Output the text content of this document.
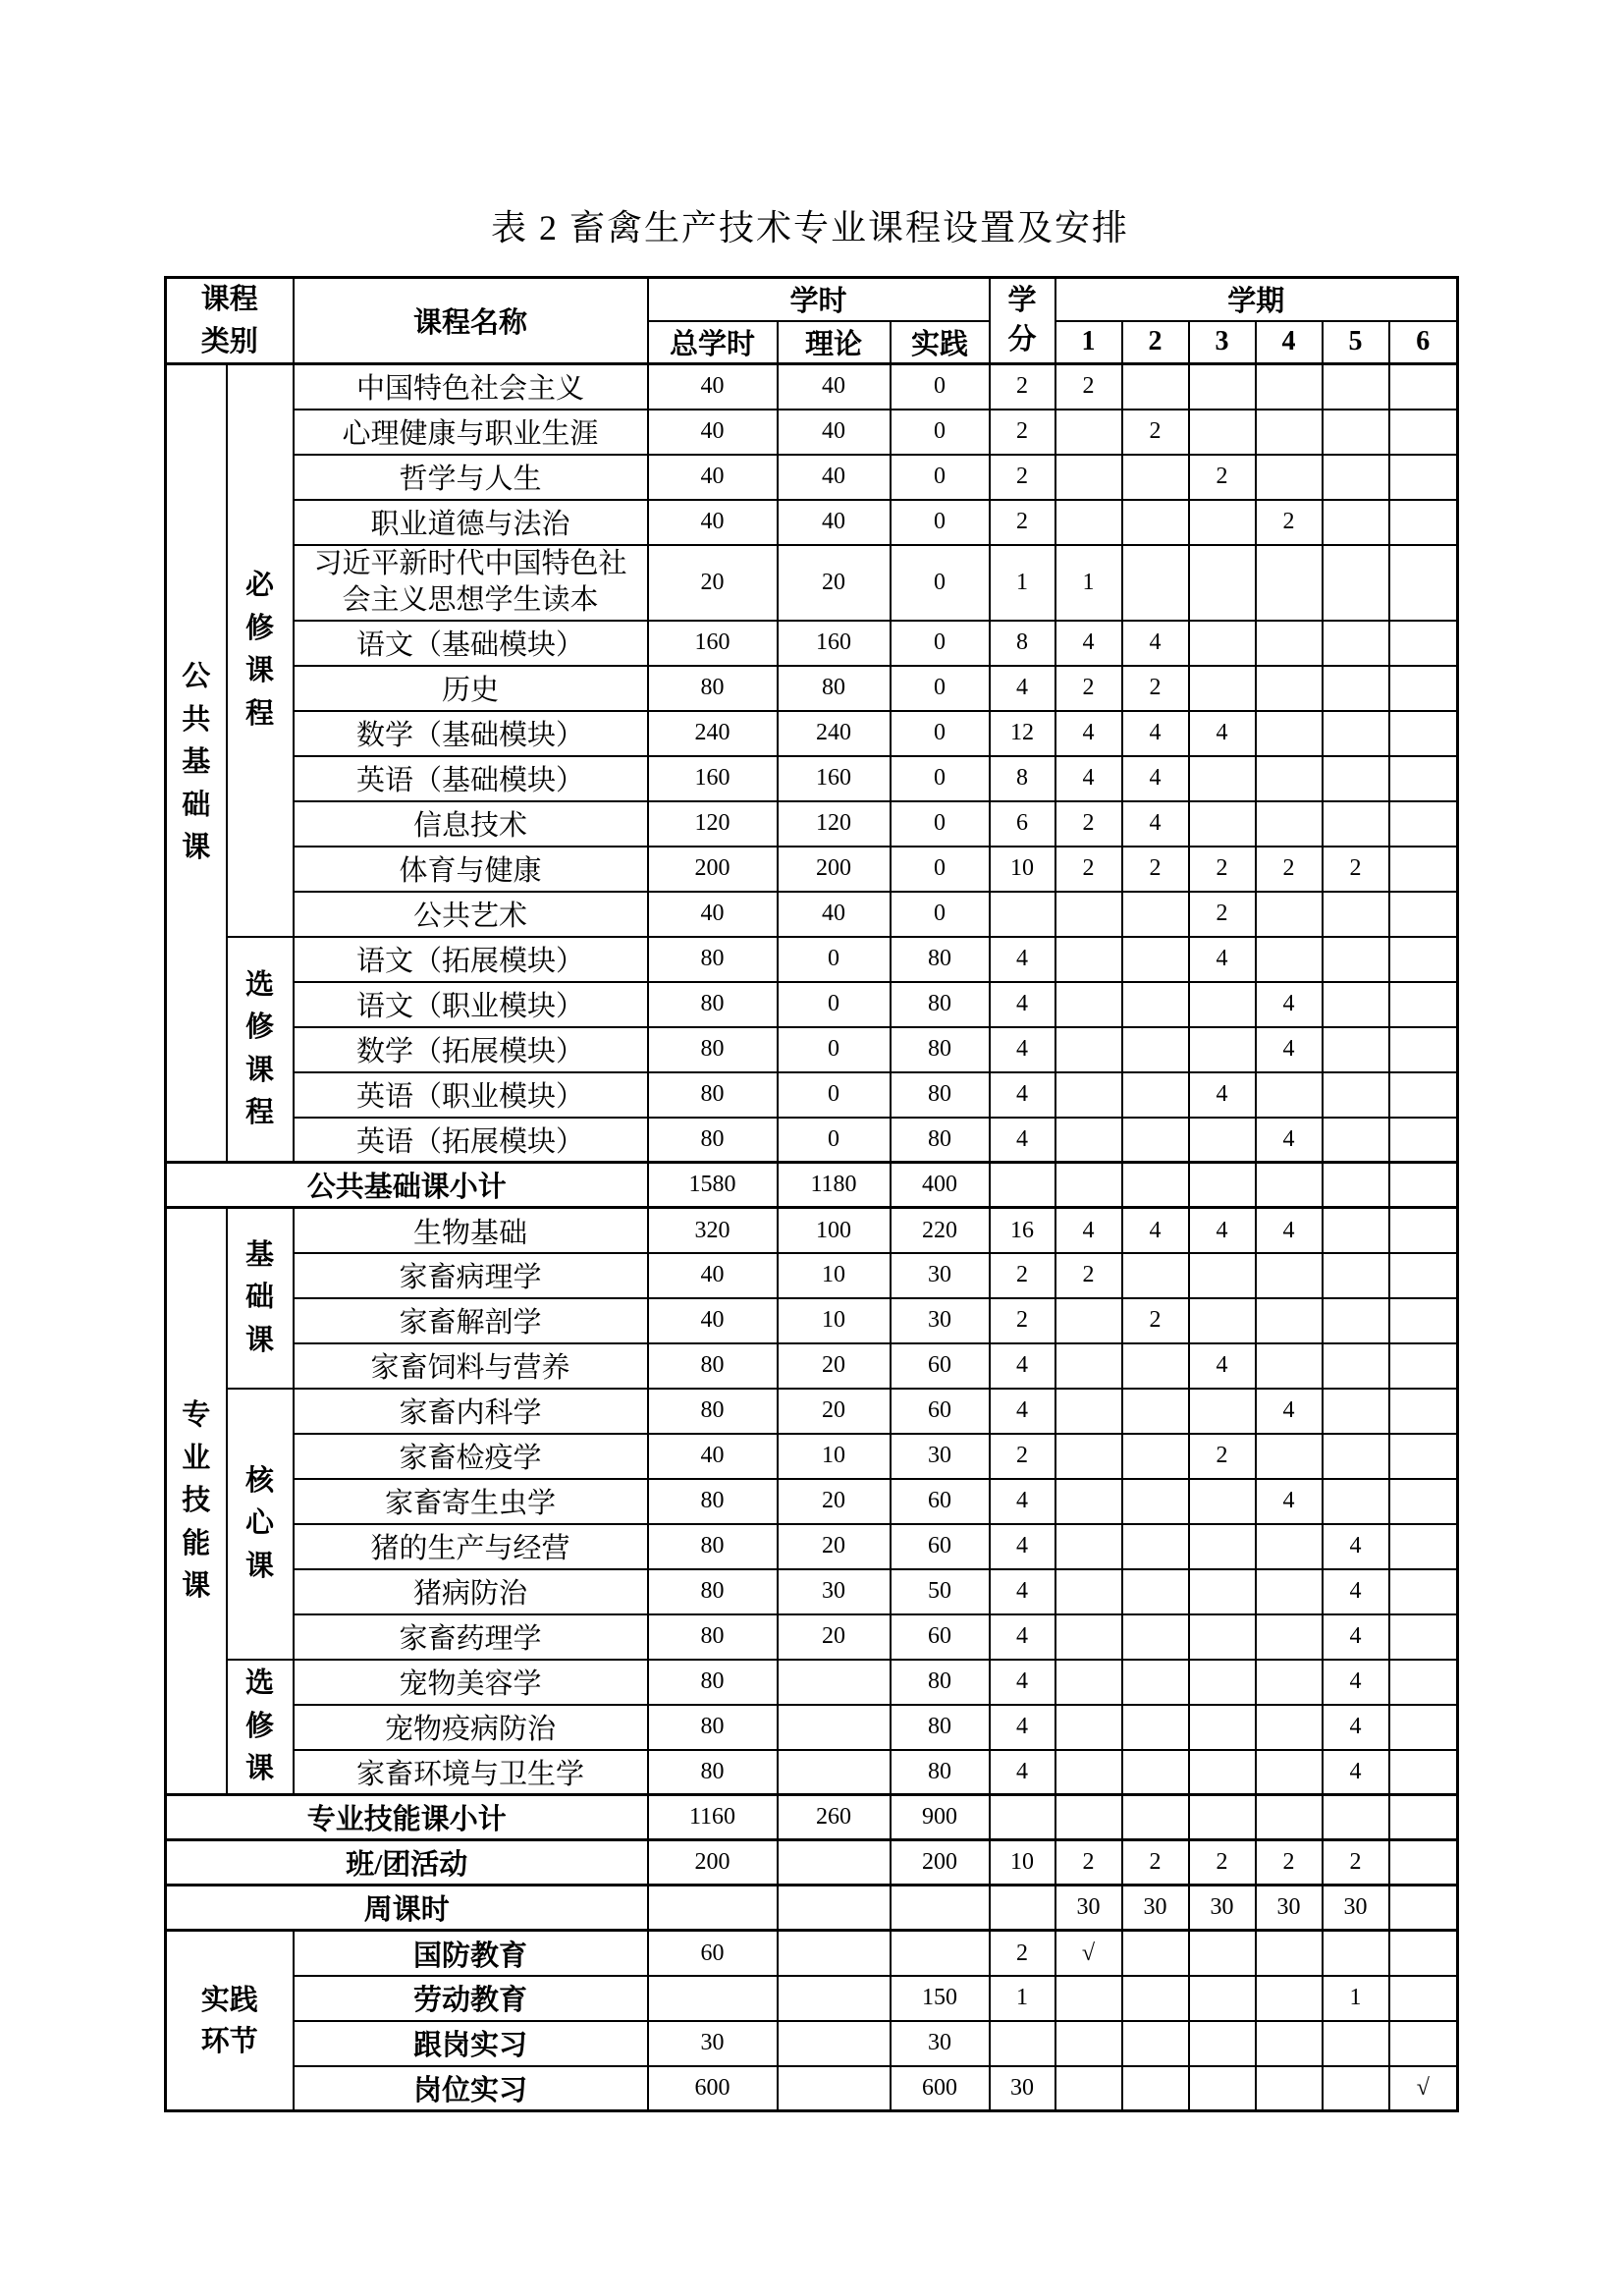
表 2 畜禽生产技术专业课程设置及安排
课程类别		课程名称	学时			学分	学期					
			总学时	理论	实践		1	2	3	4	5	6

公共基础课	必修课程	中国特色社会主义	40	40	0	2	2					
		心理健康与职业生涯	40	40	0	2		2				
		哲学与人生	40	40	0	2			2			
		职业道德与法治	40	40	0	2				2		

		习近平新时代中国特色社会主义思想学生读本	20	20	0	1	1					
		语文（基础模块）	160	160	0	8	4	4				
		历史	80	80	0	4	2	2				
		数学（基础模块）	240	240	0	12	4	4	4			
		英语（基础模块）	160	160	0	8	4	4				
		信息技术	120	120	0	6	2	4				
		体育与健康	200	200	0	10	2	2	2	2	2	
		公共艺术	40	40	0				2			

	选修课程	语文（拓展模块）	80	0	80	4			4			
		语文（职业模块）	80	0	80	4				4		
		数学（拓展模块）	80	0	80	4				4		
		英语（职业模块）	80	0	80	4			4			
		英语（拓展模块）	80	0	80	4				4		
公共基础课小计			1580	1180	400							

专业技能课	基础课	生物基础	320	100	220	16	4	4	4	4		
		家畜病理学	40	10	30	2	2					
		家畜解剖学	40	10	30	2		2				
		家畜饲料与营养	80	20	60	4			4			

	核心课	家畜内科学	80	20	60	4				4		
		家畜检疫学	40	10	30	2			2			
		家畜寄生虫学	80	20	60	4				4		
		猪的生产与经营	80	20	60	4					4	
		猪病防治	80	30	50	4					4	
		家畜药理学	80	20	60	4					4	

	选修课	宠物美容学	80		80	4					4	
		宠物疫病防治	80		80	4					4	
		家畜环境与卫生学	80		80	4					4	
专业技能课小计			1160	260	900							
班/团活动			200		200	10	2	2	2	2	2	
周课时							30	30	30	30	30	

实践环节		国防教育	60			2	√					
		劳动教育			150	1					1	
		跟岗实习	30		30							
		岗位实习	600		600	30						√
